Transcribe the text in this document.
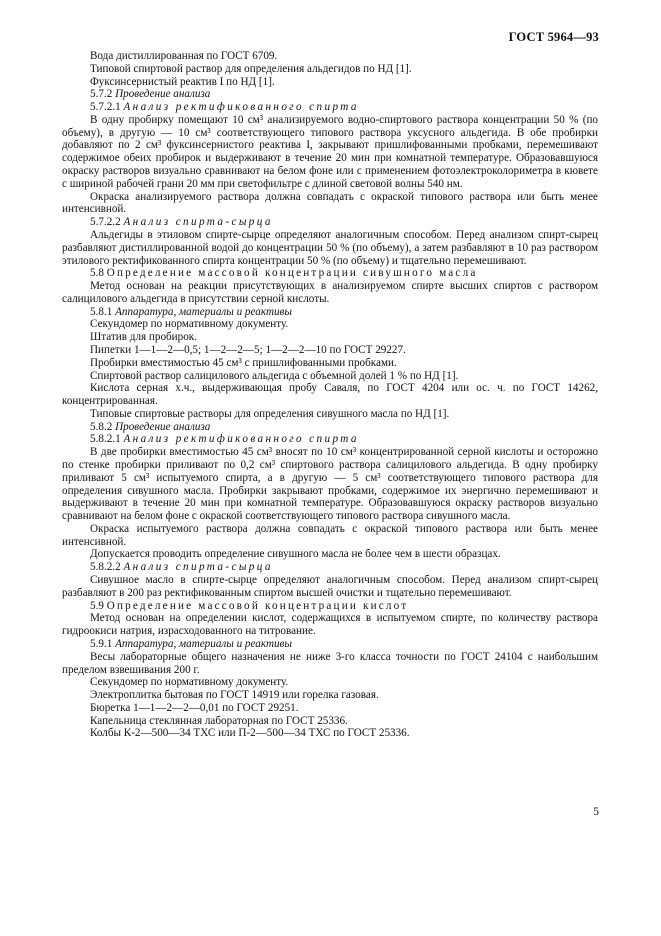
ГОСТ 5964—93

Вода дистиллированная по ГОСТ 6709.

Типовой спиртовой раствор для определения альдегидов по НД [1].

Фуксинсернистый реактив I по НД [1].

5.7.2 Проведение анализа

5.7.2.1 Анализ ректификованного спирта

В одну пробирку помещают 10 см³ анализируемого водно-спиртового раствора концентрации 50 % (по объему), в другую — 10 см³ соответствующего типового раствора уксусного альдегида. В обе пробирки добавляют по 2 см³ фуксинсернистого реактива I, закрывают пришлифованными пробками, перемешивают содержимое обеих пробирок и выдерживают в течение 20 мин при комнатной температуре. Образовавшуюся окраску растворов визуально сравнивают на белом фоне или с применением фотоэлектроколориметра в кювете с шириной рабочей грани 20 мм при светофильтре с длиной световой волны 540 нм.

Окраска анализируемого раствора должна совпадать с окраской типового раствора или быть менее интенсивной.

5.7.2.2 Анализ спирта-сырца

Альдегиды в этиловом спирте-сырце определяют аналогичным способом. Перед анализом спирт-сырец разбавляют дистиллированной водой до концентрации 50 % (по объему), а затем разбавляют в 10 раз раствором этилового ректификованного спирта концентрации 50 % (по объему) и тщательно перемешивают.

5.8 Определение массовой концентрации сивушного масла

Метод основан на реакции присутствующих в анализируемом спирте высших спиртов с раствором салицилового альдегида в присутствии серной кислоты.

5.8.1 Аппаратура, материалы и реактивы

Секундомер по нормативному документу.

Штатив для пробирок.

Пипетки 1—1—2—0,5; 1—2—2—5; 1—2—2—10 по ГОСТ 29227.

Пробирки вместимостью 45 см³ с пришлифованными пробками.

Спиртовой раствор салицилового альдегида с объемной долей 1 % по НД [1].

Кислота серная х.ч., выдерживающая пробу Саваля, по ГОСТ 4204 или ос. ч. по ГОСТ 14262, концентрированная.

Типовые спиртовые растворы для определения сивушного масла по НД [1].

5.8.2 Проведение анализа

5.8.2.1 Анализ ректификованного спирта

В две пробирки вместимостью 45 см³ вносят по 10 см³ концентрированной серной кислоты и осторожно по стенке пробирки приливают по 0,2 см³ спиртового раствора салицилового альдегида. В одну пробирку приливают 5 см³ испытуемого спирта, а в другую — 5 см³ соответствующего типового раствора для определения сивушного масла. Пробирки закрывают пробками, содержимое их энергично перемешивают и выдерживают в течение 20 мин при комнатной температуре. Образовавшуюся окраску растворов визуально сравнивают на белом фоне с окраской соответствующего типового раствора сивушного масла.

Окраска испытуемого раствора должна совпадать с окраской типового раствора или быть менее интенсивной.

Допускается проводить определение сивушного масла не более чем в шести образцах.

5.8.2.2 Анализ спирта-сырца

Сивушное масло в спирте-сырце определяют аналогичным способом. Перед анализом спирт-сырец разбавляют в 200 раз ректификованным спиртом высшей очистки и тщательно перемешивают.

5.9 Определение массовой концентрации кислот

Метод основан на определении кислот, содержащихся в испытуемом спирте, по количеству раствора гидроокиси натрия, израсходованного на титрование.

5.9.1 Аппаратура, материалы и реактивы

Весы лабораторные общего назначения не ниже 3-го класса точности по ГОСТ 24104 с наибольшим пределом взвешивания 200 г.

Секундомер по нормативному документу.

Электроплитка бытовая по ГОСТ 14919 или горелка газовая.

Бюретка 1—1—2—2—0,01 по ГОСТ 29251.

Капельница стеклянная лабораторная по ГОСТ 25336.

Колбы К-2—500—34 ТХС или П-2—500—34 ТХС по ГОСТ 25336.

5
